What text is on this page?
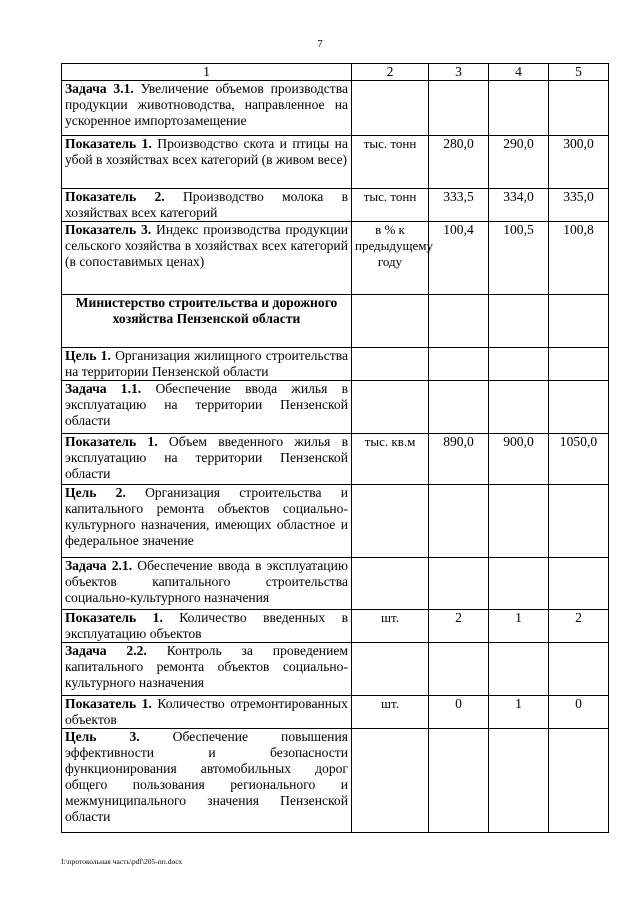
7
1	2	3	4	5
Задача 3.1. Увеличение объемов производства продукции животноводства, направленное на ускоренное импортозамещение				
Показатель 1. Производство скота и птицы на убой в хозяйствах всех категорий (в живом весе)	тыс. тонн	280,0	290,0	300,0
Показатель 2. Производство молока в хозяйствах всех категорий	тыс. тонн	333,5	334,0	335,0
Показатель 3. Индекс производства продукции сельского хозяйства в хозяйствах всех категорий (в сопоставимых ценах)	в % к предыдущему году	100,4	100,5	100,8
Министерство строительства и дорожного хозяйства Пензенской области				
Цель 1. Организация жилищного строительства на территории Пензенской области				
Задача 1.1. Обеспечение ввода жилья в эксплуатацию на территории Пензенской области				
Показатель 1. Объем введенного жилья в эксплуатацию на территории Пензенской области	тыс. кв.м	890,0	900,0	1050,0
Цель 2. Организация строительства и капитального ремонта объектов социально-культурного назначения, имеющих областное и федеральное значение				
Задача 2.1. Обеспечение ввода в эксплуатацию объектов капитального строительства социально-культурного назначения				
Показатель 1. Количество введенных в эксплуатацию объектов	шт.	2	1	2
Задача 2.2. Контроль за проведением капитального ремонта объектов социально-культурного назначения				
Показатель 1. Количество отремонтированных объектов	шт.	0	1	0
Цель 3. Обеспечение повышения эффективности и безопасности функционирования автомобильных дорог общего пользования регионального и межмуниципального значения Пензенской области				
I:\протокольная часть\pdf\205-пп.docx
